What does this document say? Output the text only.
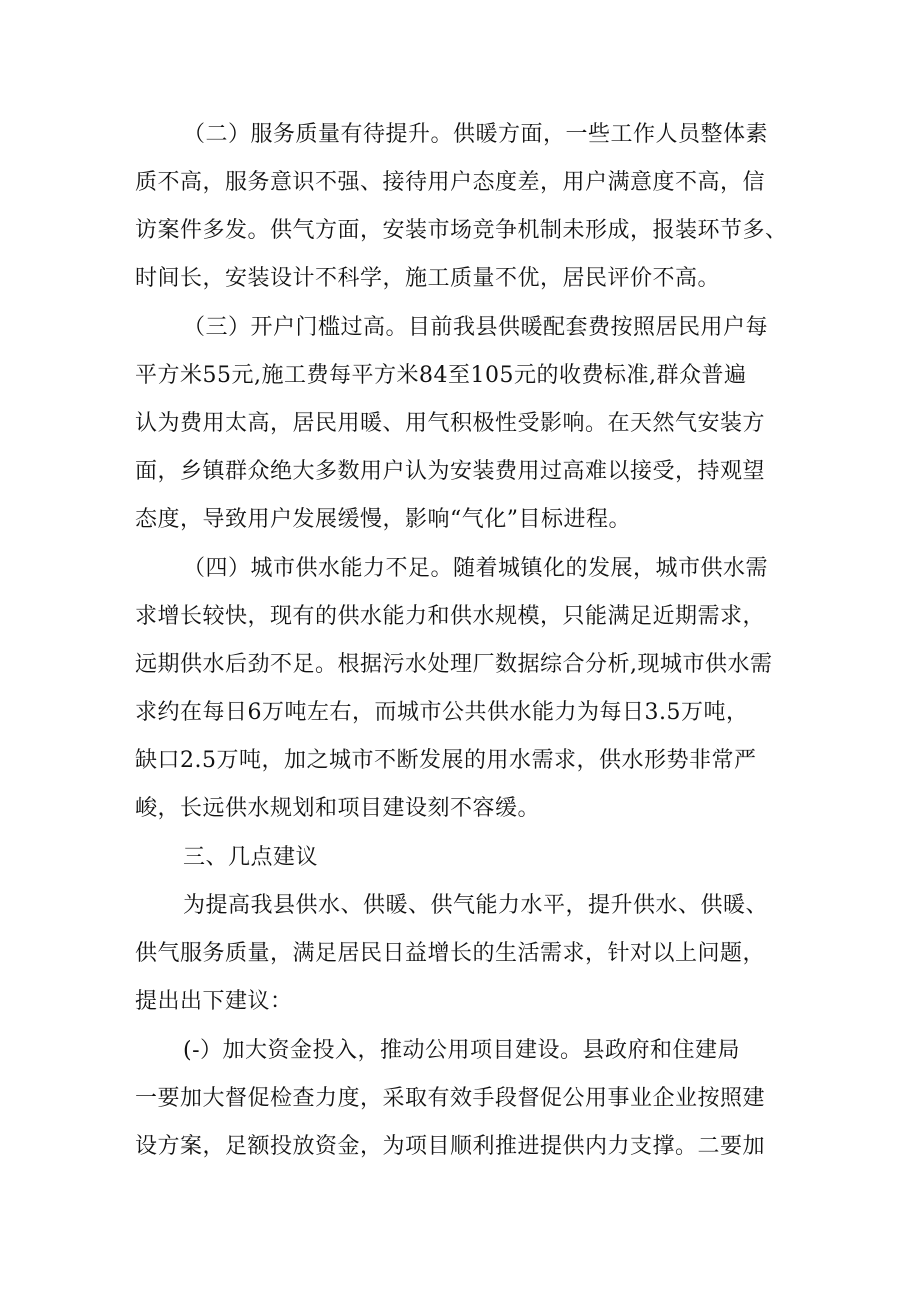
（二）服务质量有待提升。供暖方面，一些工作人员整体素
质不高，服务意识不强、接待用户态度差，用户满意度不高，信
访案件多发。供气方面，安装市场竞争机制未形成，报装环节多、
时间长，安装设计不科学，施工质量不优，居民评价不高。
（三）开户门槛过高。目前我县供暖配套费按照居民用户每
平方米55元,施工费每平方米84至105元的收费标准,群众普遍
认为费用太高，居民用暖、用气积极性受影响。在天然气安装方
面，乡镇群众绝大多数用户认为安装费用过高难以接受，持观望
态度，导致用户发展缓慢，影响“气化”目标进程。
（四）城市供水能力不足。随着城镇化的发展，城市供水需
求增长较快，现有的供水能力和供水规模，只能满足近期需求，
远期供水后劲不足。根据污水处理厂数据综合分析,现城市供水需
求约在每日6万吨左右，而城市公共供水能力为每日3.5万吨，
缺口2.5万吨，加之城市不断发展的用水需求，供水形势非常严
峻，长远供水规划和项目建设刻不容缓。
三、几点建议
为提高我县供水、供暖、供气能力水平，提升供水、供暖、
供气服务质量，满足居民日益增长的生活需求，针对以上问题，
提出出下建议：
(-）加大资金投入，推动公用项目建设。县政府和住建局
一要加大督促检查力度，采取有效手段督促公用事业企业按照建
设方案，足额投放资金，为项目顺利推进提供内力支撑。二要加
